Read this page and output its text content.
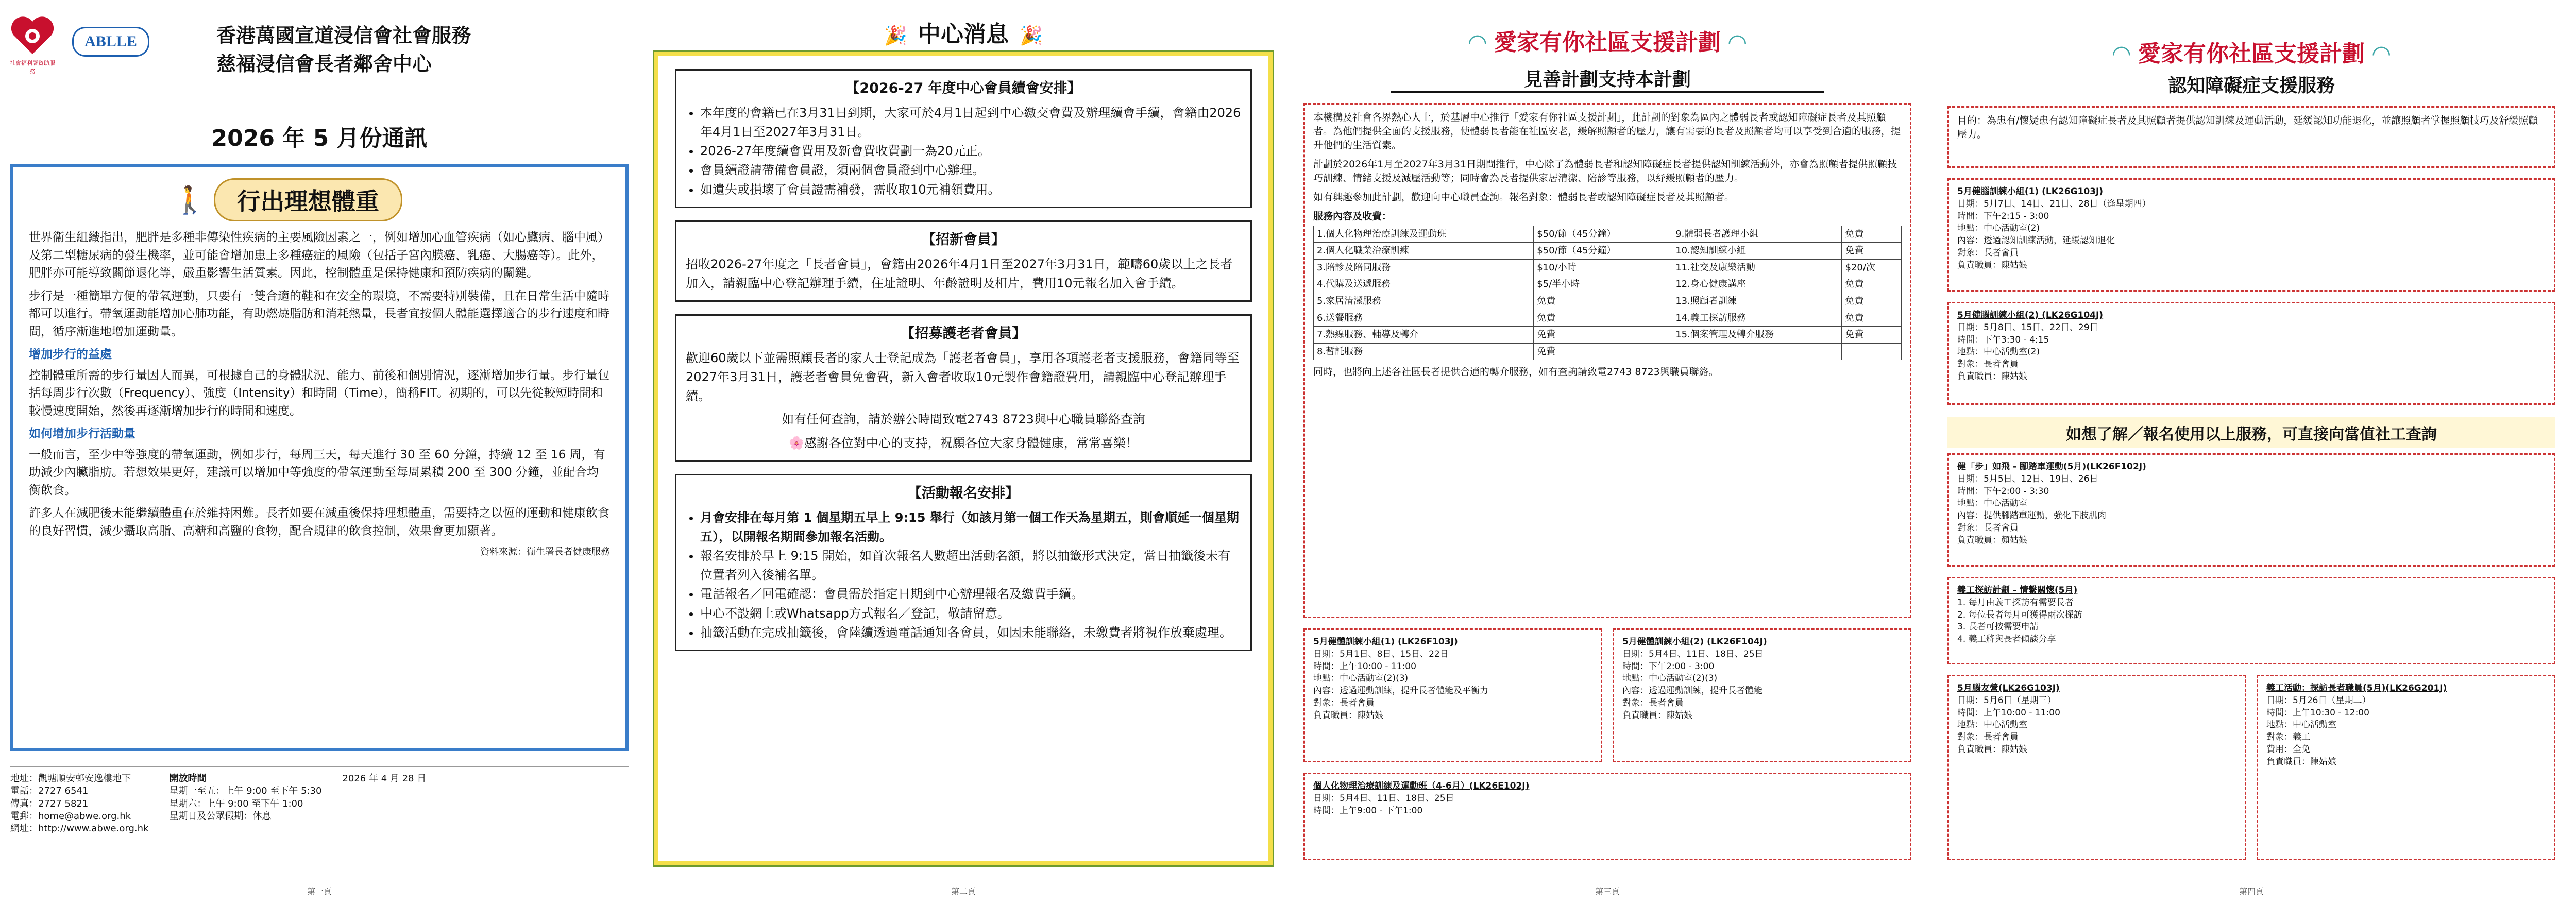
社會福利署資助服務
ABLLE	香港萬國宣道浸信會社會服務
慈褔浸信會長者鄰舍中心
2026 年 5 月份通訊
🚶	行出理想體重

世界衞生組織指出，肥胖是多種非傳染性疾病的主要風險因素之一，例如增加心血管疾病（如心臟病、腦中風）及第二型糖尿病的發生機率，並可能會增加患上多種癌症的風險（包括子宮內膜癌、乳癌、大腸癌等）。此外，肥胖亦可能導致關節退化等，嚴重影響生活質素。因此，控制體重是保持健康和預防疾病的關鍵。

步行是一種簡單方便的帶氧運動，只要有一雙合適的鞋和在安全的環境，不需要特別裝備，且在日常生活中隨時都可以進行。帶氧運動能增加心肺功能，有助燃燒脂肪和消耗熱量，長者宜按個人體能選擇適合的步行速度和時間，循序漸進地增加運動量。

增加步行的益處

控制體重所需的步行量因人而異，可根據自己的身體狀況、能力、前後和個別情況，逐漸增加步行量。步行量包括每周步行次數（Frequency）、強度（Intensity）和時間（Time），簡稱FIT。初期的，可以先從較短時間和較慢速度開始，然後再逐漸增加步行的時間和速度。

如何增加步行活動量

一般而言，至少中等強度的帶氧運動，例如步行，每周三天，每天進行 30 至 60 分鐘，持續 12 至 16 周，有助減少內臟脂肪。若想效果更好，建議可以增加中等強度的帶氧運動至每周累積 200 至 300 分鐘，並配合均衡飲食。

許多人在減肥後未能繼續體重在於維持困難。長者如要在減重後保持理想體重，需要持之以恆的運動和健康飲食的良好習慣，減少攝取高脂、高糖和高鹽的食物，配合規律的飲食控制，效果會更加顯著。

資料來源：衞生署長者健康服務

地址：觀塘順安邨安逸樓地下
電話：2727 6541
傳真：2727 5821
電郵：home@abwe.org.hk
網址：http://www.abwe.org.hk
開放時間
星期一至五：上午 9:00 至下午 5:30
星期六：上午 9:00 至下午 1:00
星期日及公眾假期：休息
2026 年 4 月 28 日
第一頁
🎉 中心消息 🎉
【2026-27 年度中心會員續會安排】
• 本年度的會籍已在3月31日到期，大家可於4月1日起到中心繳交會費及辦理續會手續，會籍由2026年4月1日至2027年3月31日。
• 2026-27年度續會費用及新會費收費劃一為20元正。
• 會員續證請帶備會員證，須兩個會員證到中心辦理。
• 如遺失或損壞了會員證需補發，需收取10元補領費用。
【招新會員】

招收2026-27年度之「長者會員」，會籍由2026年4月1日至2027年3月31日，範疇60歲以上之長者加入，請親臨中心登記辦理手續，住址證明、年齡證明及相片，費用10元報名加入會手續。

【招募護老者會員】

歡迎60歲以下並需照顧長者的家人士登記成為「護老者會員」，享用各項護老者支援服務，會籍同等至2027年3月31日，護老者會員免會費，新入會者收取10元製作會籍證費用，請親臨中心登記辦理手續。

如有任何查詢，請於辦公時間致電2743 8723與中心職員聯絡查詢

🌸感謝各位對中心的支持，祝願各位大家身體健康，常常喜樂！

【活動報名安排】
• 月會安排在每月第 1 個星期五早上 9:15 舉行（如該月第一個工作天為星期五，則會順延一個星期五），以開報名期間參加報名活動。
• 報名安排於早上 9:15 開始，如首次報名人數超出活動名額，將以抽籤形式決定，當日抽籤後未有位置者列入後補名單。
• 電話報名／回電確認：會員需於指定日期到中心辦理報名及繳費手續。
• 中心不設網上或Whatsapp方式報名／登記，敬請留意。
• 抽籤活動在完成抽籤後，會陸續透過電話通知各會員，如因未能聯絡，未繳費者將視作放棄處理。
第二頁
◠ 愛家有你社區支援計劃 ◠
見善計劃支持本計劃

本機構及社會各界熱心人士，於基層中心推行「愛家有你社區支援計劃」，此計劃的對象為區內之體弱長者或認知障礙症長者及其照顧者。為他們提供全面的支援服務，使體弱長者能在社區安老，緩解照顧者的壓力，讓有需要的長者及照顧者均可以享受到合適的服務，提升他們的生活質素。

計劃於2026年1月至2027年3月31日期間推行，中心除了為體弱長者和認知障礙症長者提供認知訓練活動外，亦會為照顧者提供照顧技巧訓練、情緒支援及減壓活動等；同時會為長者提供家居清潔、陪診等服務，以紓緩照顧者的壓力。

如有興趣參加此計劃，歡迎向中心職員查詢。報名對象：體弱長者或認知障礙症長者及其照顧者。

服務內容及收費：

1.個人化物理治療訓練及運動班	$50/節（45分鐘）	9.體弱長者護理小組	免費
2.個人化職業治療訓練	$50/節（45分鐘）	10.認知訓練小組	免費
3.陪診及陪同服務	$10/小時	11.社交及康樂活動	$20/次
4.代購及送遞服務	$5/半小時	12.身心健康講座	免費
5.家居清潔服務	免費	13.照顧者訓練	免費
6.送餐服務	免費	14.義工探訪服務	免費
7.熱線服務、輔導及轉介	免費	15.個案管理及轉介服務	免費
8.暫託服務	免費		

同時，也將向上述各社區長者提供合適的轉介服務，如有查詢請致電2743 8723與職員聯絡。

5月健體訓練小組(1) (LK26F103J)
日期：5月1日、8日、15日、22日
時間：上午10:00 - 11:00
地點：中心活動室(2)(3)
內容：透過運動訓練，提升長者體能及平衡力
對象：長者會員
負責職員：陳姑娘
5月健體訓練小組(2) (LK26F104J)
日期：5月4日、11日、18日、25日
時間：下午2:00 - 3:00
地點：中心活動室(2)(3)
內容：透過運動訓練，提升長者體能
對象：長者會員
負責職員：陳姑娘
個人化物理治療訓練及運動班（4-6月）(LK26E102J)
日期：5月4日、11日、18日、25日
時間：上午9:00 - 下午1:00
第三頁
◠ 愛家有你社區支援計劃 ◠
認知障礙症支援服務
目的：為患有/懷疑患有認知障礙症長者及其照顧者提供認知訓練及運動活動，延緩認知功能退化，並讓照顧者掌握照顧技巧及舒緩照顧壓力。
5月健腦訓練小組(1) (LK26G103J)
日期：5月7日、14日、21日、28日（逢星期四）
時間：下午2:15 - 3:00
地點：中心活動室(2)
內容：透過認知訓練活動，延緩認知退化
對象：長者會員
負責職員：陳姑娘
5月健腦訓練小組(2) (LK26G104J)
日期：5月8日、15日、22日、29日
時間：下午3:30 - 4:15
地點：中心活動室(2)
對象：長者會員
負責職員：陳姑娘
如想了解／報名使用以上服務，可直接向當值社工查詢
健「步」如飛 - 腳踏車運動(5月)(LK26F102J)
日期：5月5日、12日、19日、26日
時間：下午2:00 - 3:30
地點：中心活動室
內容：提供腳踏車運動，強化下肢肌肉
對象：長者會員
負責職員：顏姑娘
義工探訪計劃 - 情繫關懷(5月)
1. 每月由義工探訪有需要長者
2. 每位長者每月可獲得兩次探訪
3. 長者可按需要申請
4. 義工將與長者傾談分享
5月腦友營(LK26G103J)
日期：5月6日（星期三）
時間：上午10:00 - 11:00
地點：中心活動室
對象：長者會員
負責職員：陳姑娘
義工活動：探訪長者職員(5月)(LK26G201J)
日期：5月26日（星期二）
時間：上午10:30 - 12:00
地點：中心活動室
對象：義工
費用：全免
負責職員：陳姑娘
第四頁
